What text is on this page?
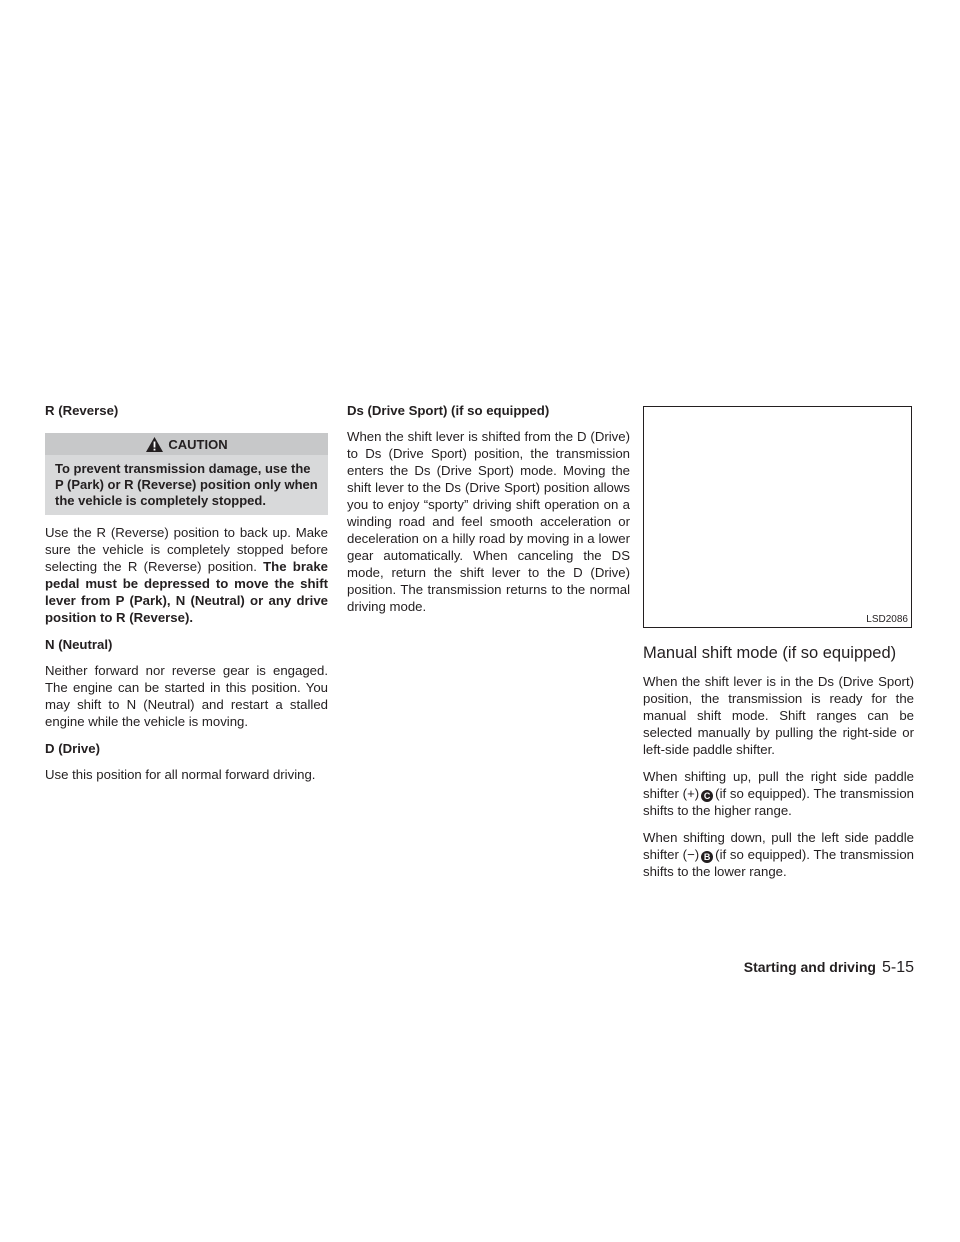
R (Reverse)
CAUTION
To prevent transmission damage, use the P (Park) or R (Reverse) position only when the vehicle is completely stopped.

Use the R (Reverse) position to back up. Make sure the vehicle is completely stopped before selecting the R (Reverse) position. The brake pedal must be depressed to move the shift lever from P (Park), N (Neutral) or any drive position to R (Reverse).

N (Neutral)

Neither forward nor reverse gear is engaged. The engine can be started in this position. You may shift to N (Neutral) and restart a stalled engine while the vehicle is moving.

D (Drive)

Use this position for all normal forward driving.

Ds (Drive Sport) (if so equipped)

When the shift lever is shifted from the D (Drive) to Ds (Drive Sport) position, the transmission enters the Ds (Drive Sport) mode. Moving the shift lever to the Ds (Drive Sport) position allows you to enjoy “sporty” driving shift operation on a winding road and feel smooth acceleration or deceleration on a hilly road by moving in a lower gear automatically. When canceling the DS mode, return the shift lever to the D (Drive) position. The transmission returns to the normal driving mode.

LSD2086
Manual shift mode (if so equipped)

When the shift lever is in the Ds (Drive Sport) position, the transmission is ready for the manual shift mode. Shift ranges can be selected manually by pulling the right-side or left-side paddle shifter.

When shifting up, pull the right side paddle shifter (+) C (if so equipped). The transmission shifts to the higher range.

When shifting down, pull the left side paddle shifter (−) B (if so equipped). The transmission shifts to the lower range.

Starting and driving 5-15
